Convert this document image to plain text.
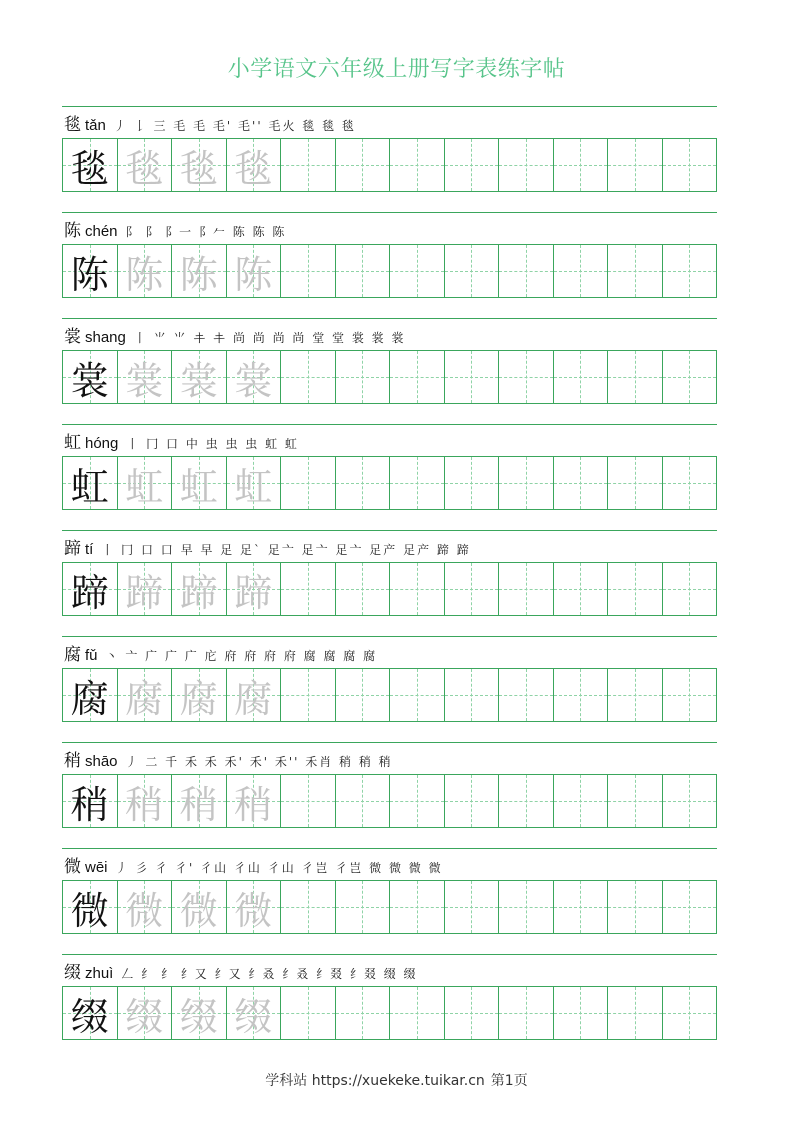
小学语文六年级上册写字表练字帖
毯 tǎn 丿 𠄌 三 毛 毛 毛' 毛'' 毛火 毯 毯 毯
毯 毯 毯 毯
陈 chén 阝 阝 阝一 阝𠂉 陈 陈 陈
陈 陈 陈 陈
裳 shang 丨 ⺌ ⺌ 𰀁 𰀁 尚 尚 尚 尚 堂 堂 裳 裳 裳
裳 裳 裳 裳
虹 hóng 丨 冂 口 中 虫 虫 虫 虹 虹
虹 虹 虹 虹
蹄 tí 丨 冂 口 口 早 早 足 足` 足亠 足亠 足亠 足产 足产 蹄 蹄
蹄 蹄 蹄 蹄
腐 fǔ 丶 亠 广 广 广 庀 府 府 府 府 腐 腐 腐 腐
腐 腐 腐 腐
稍 shāo 丿 二 千 禾 禾 禾' 禾' 禾'' 禾肖 稍 稍 稍
稍 稍 稍 稍
微 wēi 丿 彡 彳 彳' 彳山 彳山 彳山 彳岂 彳岂 微 微 微 微
微 微 微 微
缀 zhuì 𠃋 纟 纟 纟又 纟又 纟叒 纟叒 纟叕 纟叕 缀 缀
缀 缀 缀 缀
学科站 https://xuekeke.tuikar.cn 第1页
